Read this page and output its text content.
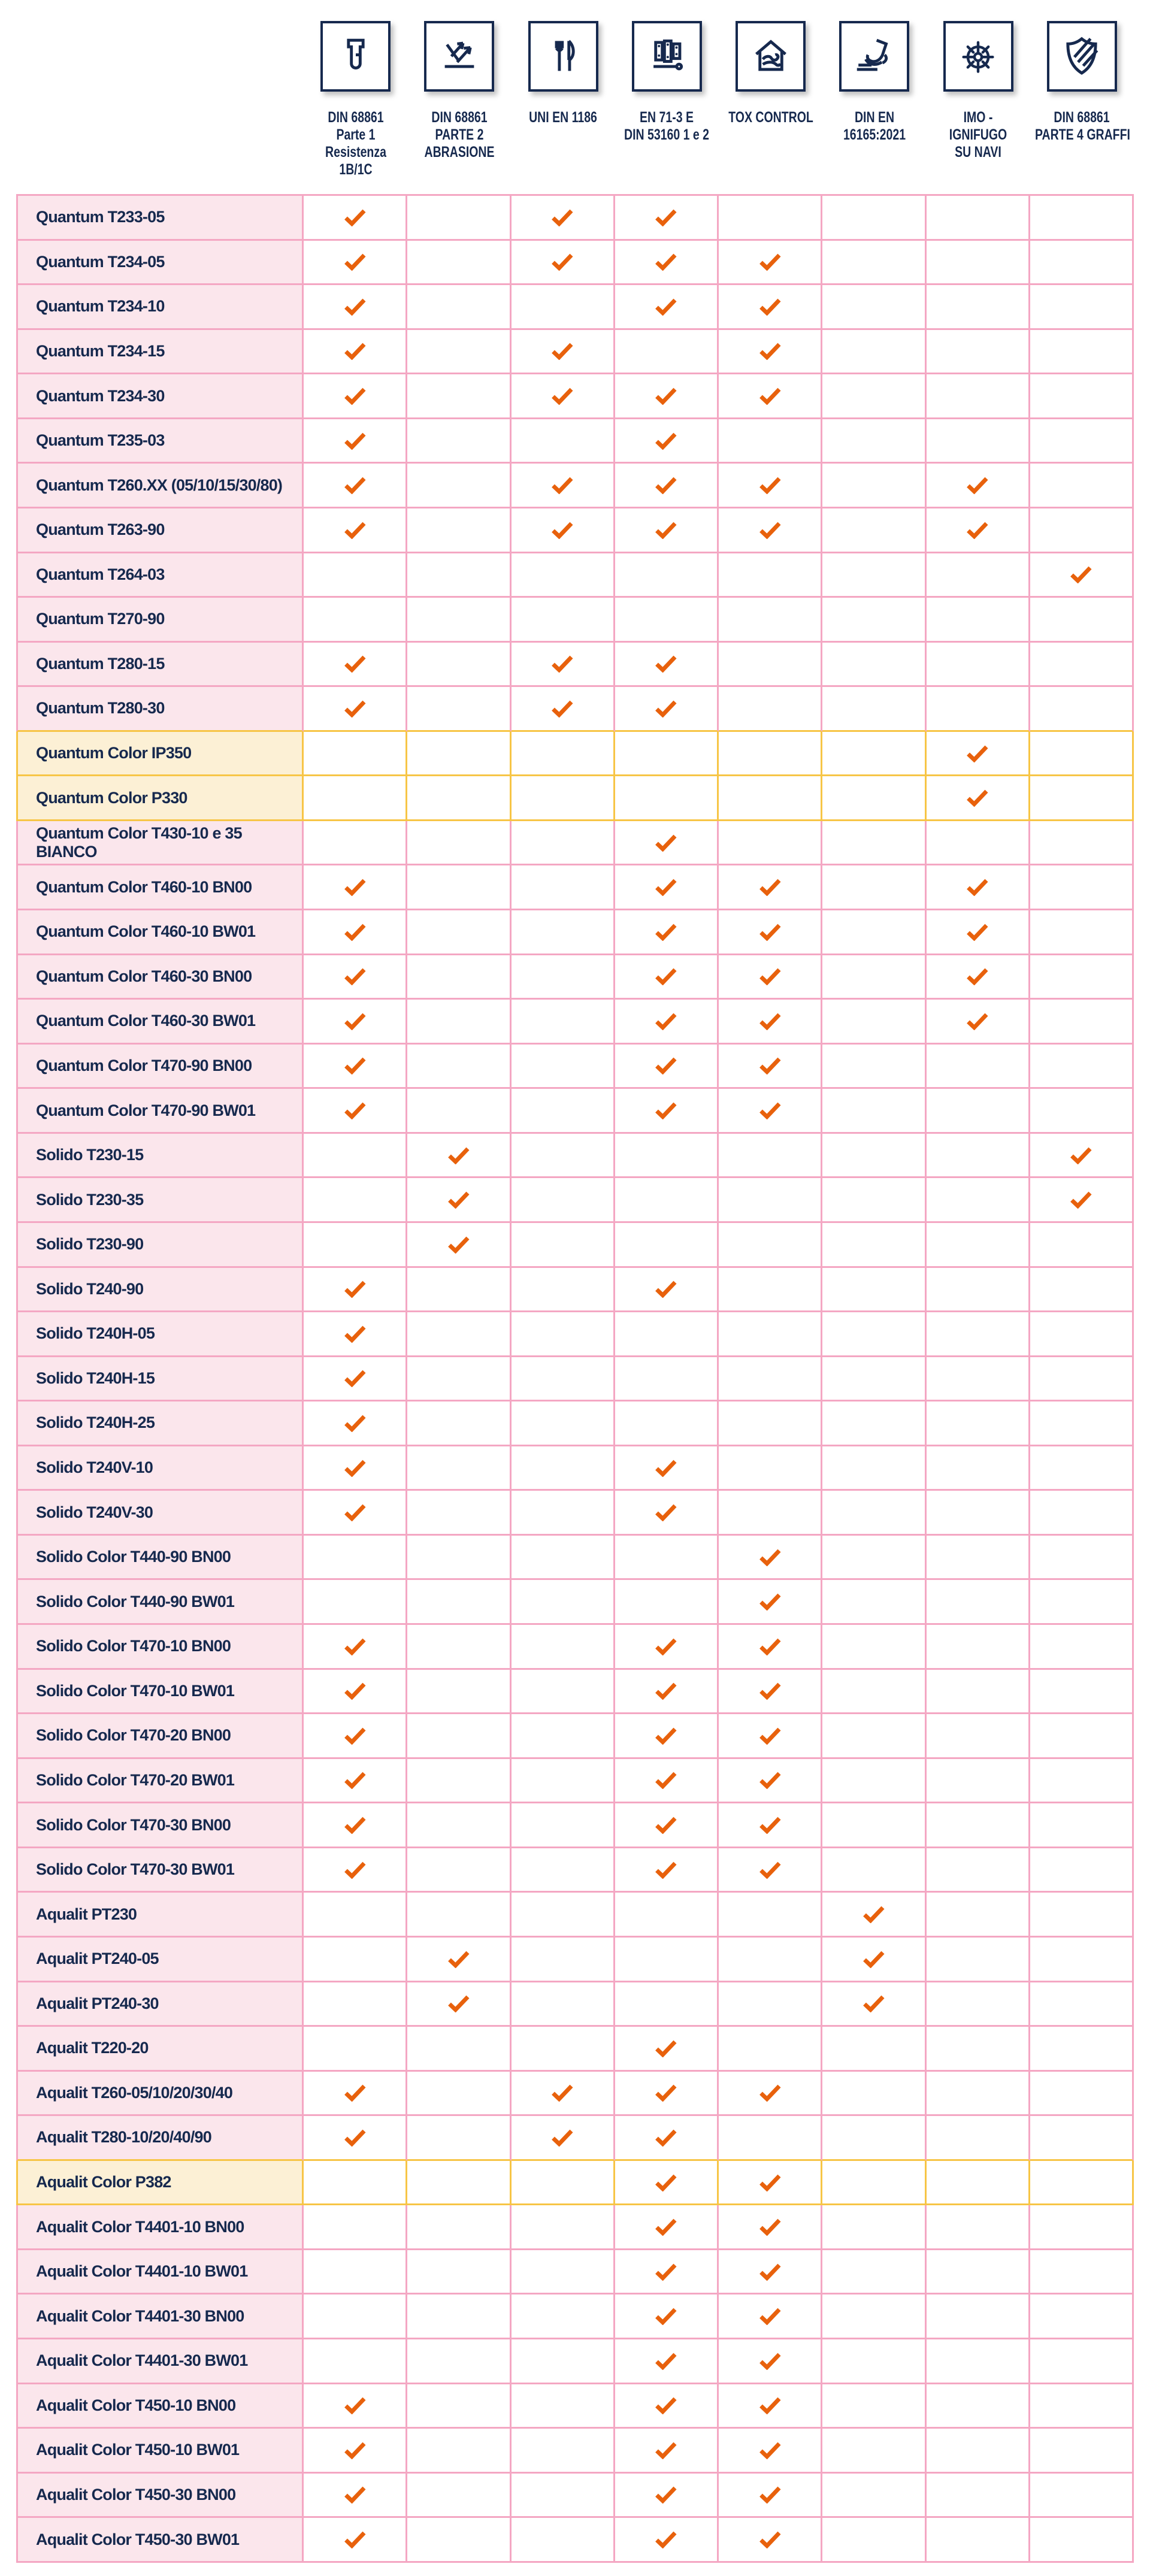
DIN 68861
Parte 1
Resistenza
1B/1C
DIN 68861
PARTE 2
ABRASIONE
UNI EN 1186	EN 71-3 E
DIN 53160 1 e 2
TOX CONTROL	DIN EN
16165:2021
IMO -
IGNIFUGO
SU NAVI
DIN 68861
PARTE 4 GRAFFI
Quantum T233-05
Quantum T234-05
Quantum T234-10
Quantum T234-15
Quantum T234-30
Quantum T235-03
Quantum T260.XX (05/10/15/30/80)
Quantum T263-90
Quantum T264-03
Quantum T270-90
Quantum T280-15
Quantum T280-30
Quantum Color IP350
Quantum Color P330
Quantum Color T430-10 e 35 BIANCO
Quantum Color T460-10 BN00
Quantum Color T460-10 BW01
Quantum Color T460-30 BN00
Quantum Color T460-30 BW01
Quantum Color T470-90 BN00
Quantum Color T470-90 BW01
Solido T230-15
Solido T230-35
Solido T230-90
Solido T240-90
Solido T240H-05
Solido T240H-15
Solido T240H-25
Solido T240V-10
Solido T240V-30
Solido Color T440-90 BN00
Solido Color T440-90 BW01
Solido Color T470-10 BN00
Solido Color T470-10 BW01
Solido Color T470-20 BN00
Solido Color T470-20 BW01
Solido Color T470-30 BN00
Solido Color T470-30 BW01
Aqualit PT230
Aqualit PT240-05
Aqualit PT240-30
Aqualit T220-20
Aqualit T260-05/10/20/30/40
Aqualit T280-10/20/40/90
Aqualit Color P382
Aqualit Color T4401-10 BN00
Aqualit Color T4401-10 BW01
Aqualit Color T4401-30 BN00
Aqualit Color T4401-30 BW01
Aqualit Color T450-10 BN00
Aqualit Color T450-10 BW01
Aqualit Color T450-30 BN00
Aqualit Color T450-30 BW01
